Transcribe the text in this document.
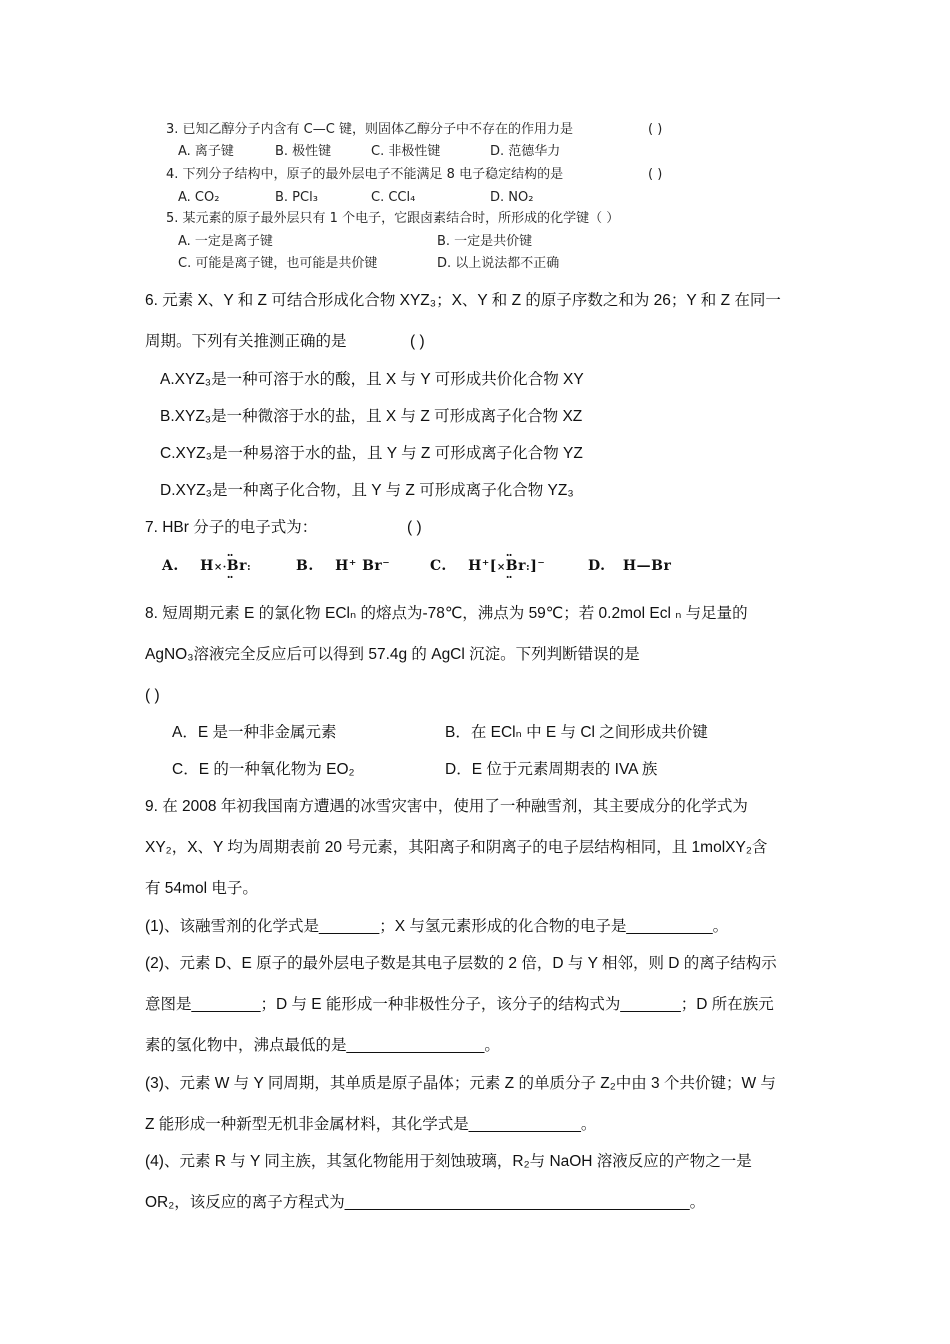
3. 已知乙醇分子内含有 C—C 键，则固体乙醇分子中不存在的作用力是	( )
A. 离子键	B. 极性键	C. 非极性键	D. 范德华力
4. 下列分子结构中，原子的最外层电子不能满足 8 电子稳定结构的是	( )
A. CO₂	B. PCl₃	C. CCl₄	D. NO₂
5. 某元素的原子最外层只有 1 个电子，它跟卤素结合时，所形成的化学键（ ）
A. 一定是离子键	B. 一定是共价键
C. 可能是离子键，也可能是共价键	D. 以上说法都不正确
6. 元素 X、Y 和 Z 可结合形成化合物 XYZ₃；X、Y 和 Z 的原子序数之和为 26；Y 和 Z 在同一
周期。下列有关推测正确的是	( )
A.XYZ₃是一种可溶于水的酸，且 X 与 Y 可形成共价化合物 XY
B.XYZ₃是一种微溶于水的盐，且 X 与 Z 可形成离子化合物 XZ
C.XYZ₃是一种易溶于水的盐，且 Y 与 Z 可形成离子化合物 YZ
D.XYZ₃是一种离子化合物，且 Y 与 Z 可形成离子化合物 YZ₃
7. HBr 分子的电子式为：	( )
A. H×··· Br ··:	B. H⁺ Br⁻	C. H⁺[×·· Br ··:]⁻	D. H—Br
8. 短周期元素 E 的氯化物 EClₙ 的熔点为-78℃，沸点为 59℃；若 0.2mol Ecl ₙ 与足量的
AgNO₃溶液完全反应后可以得到 57.4g 的 AgCl 沉淀。下列判断错误的是
( )
A．E 是一种非金属元素	B．在 EClₙ 中 E 与 Cl 之间形成共价键
C．E 的一种氧化物为 EO₂	D．E 位于元素周期表的 IVA 族
9. 在 2008 年初我国南方遭遇的冰雪灾害中，使用了一种融雪剂，其主要成分的化学式为
XY₂，X、Y 均为周期表前 20 号元素，其阳离子和阴离子的电子层结构相同，且 1molXY₂含
有 54mol 电子。
(1)、该融雪剂的化学式是_______；X 与氢元素形成的化合物的电子是__________。
(2)、元素 D、E 原子的最外层电子数是其电子层数的 2 倍，D 与 Y 相邻，则 D 的离子结构示
意图是________；D 与 E 能形成一种非极性分子，该分子的结构式为_______；D 所在族元
素的氢化物中，沸点最低的是________________。
(3)、元素 W 与 Y 同周期，其单质是原子晶体；元素 Z 的单质分子 Z₂中由 3 个共价键；W 与
Z 能形成一种新型无机非金属材料，其化学式是_____________。
(4)、元素 R 与 Y 同主族，其氢化物能用于刻蚀玻璃，R₂与 NaOH 溶液反应的产物之一是
OR₂，该反应的离子方程式为________________________________________。
